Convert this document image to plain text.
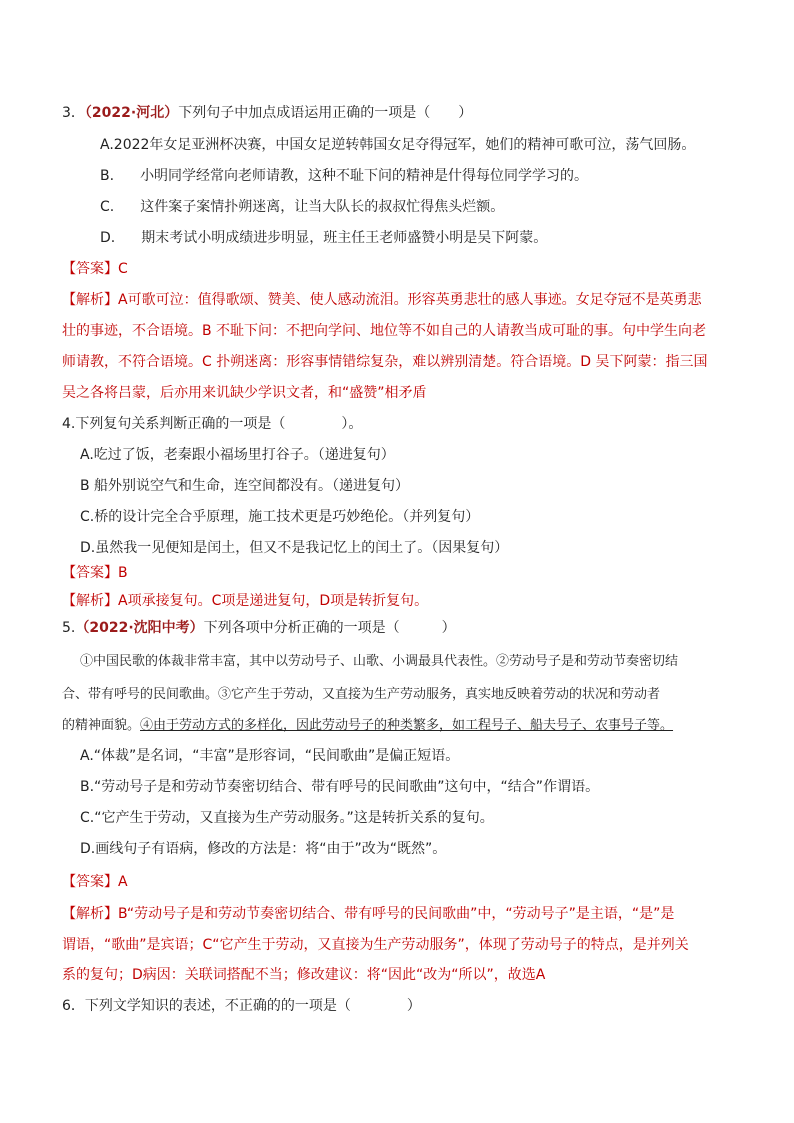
3．（2022·河北）下列句子中加点成语运用正确的一项是（　　）
A.2022年女足亚洲杯决赛，中国女足逆转韩国女足夺得冠军，她们的精神可歌可泣，荡气回肠。
B. 小明同学经常向老师请教，这种不耻下问的精神是什得每位同学学习的。
C. 这件案子案情扑朔迷离，让当大队长的叔叔忙得焦头烂额。
D. 期末考试小明成绩进步明显，班主任王老师盛赞小明是吴下阿蒙。
【答案】C
【解析】A可歌可泣：值得歌颂、赞美、使人感动流泪。形容英勇悲壮的感人事迹。女足夺冠不是英勇悲
壮的事迹，不合语境。B 不耻下问：不把向学问、地位等不如自己的人请教当成可耻的事。句中学生向老
师请教，不符合语境。C 扑朔迷离：形容事情错综复杂，难以辨别清楚。符合语境。D 吴下阿蒙：指三国
吴之各将吕蒙，后亦用来讥缺少学识文者，和“盛赞”相矛盾
4.下列复句关系判断正确的一项是（　　　　）。
A.吃过了饭，老秦跟小福场里打谷子。（递进复句）
B 船外别说空气和生命，连空间都没有。（递进复句）
C.桥的设计完全合乎原理，施工技术更是巧妙绝伦。（并列复句）
D.虽然我一见便知是闰土，但又不是我记忆上的闰土了。（因果复句）
【答案】B
【解析】A项承接复句。C项是递进复句，D项是转折复句。
5.（2022·沈阳中考）下列各项中分析正确的一项是（　　　）
①中国民歌的体裁非常丰富，其中以劳动号子、山歌、小调最具代表性。②劳动号子是和劳动节奏密切结
合、带有呼号的民间歌曲。③它产生于劳动，又直接为生产劳动服务，真实地反映着劳动的状况和劳动者
的精神面貌。④由于劳动方式的多样化，因此劳动号子的种类繁多，如工程号子、船夫号子、农事号子等。
A.“体裁”是名词，“丰富”是形容词，“民间歌曲”是偏正短语。
B.“劳动号子是和劳动节奏密切结合、带有呼号的民间歌曲”这句中，“结合”作谓语。
C.“它产生于劳动，又直接为生产劳动服务。”这是转折关系的复句。
D.画线句子有语病，修改的方法是：将“由于”改为“既然”。
【答案】A
【解析】B“劳动号子是和劳动节奏密切结合、带有呼号的民间歌曲”中，“劳动号子”是主语，“是”是
谓语，“歌曲”是宾语；C“它产生于劳动，又直接为生产劳动服务”，体现了劳动号子的特点，是并列关
系的复句；D病因：关联词搭配不当；修改建议：将“因此“改为“所以”，故选A
6．下列文学知识的表述，不正确的的一项是（　　　　）
